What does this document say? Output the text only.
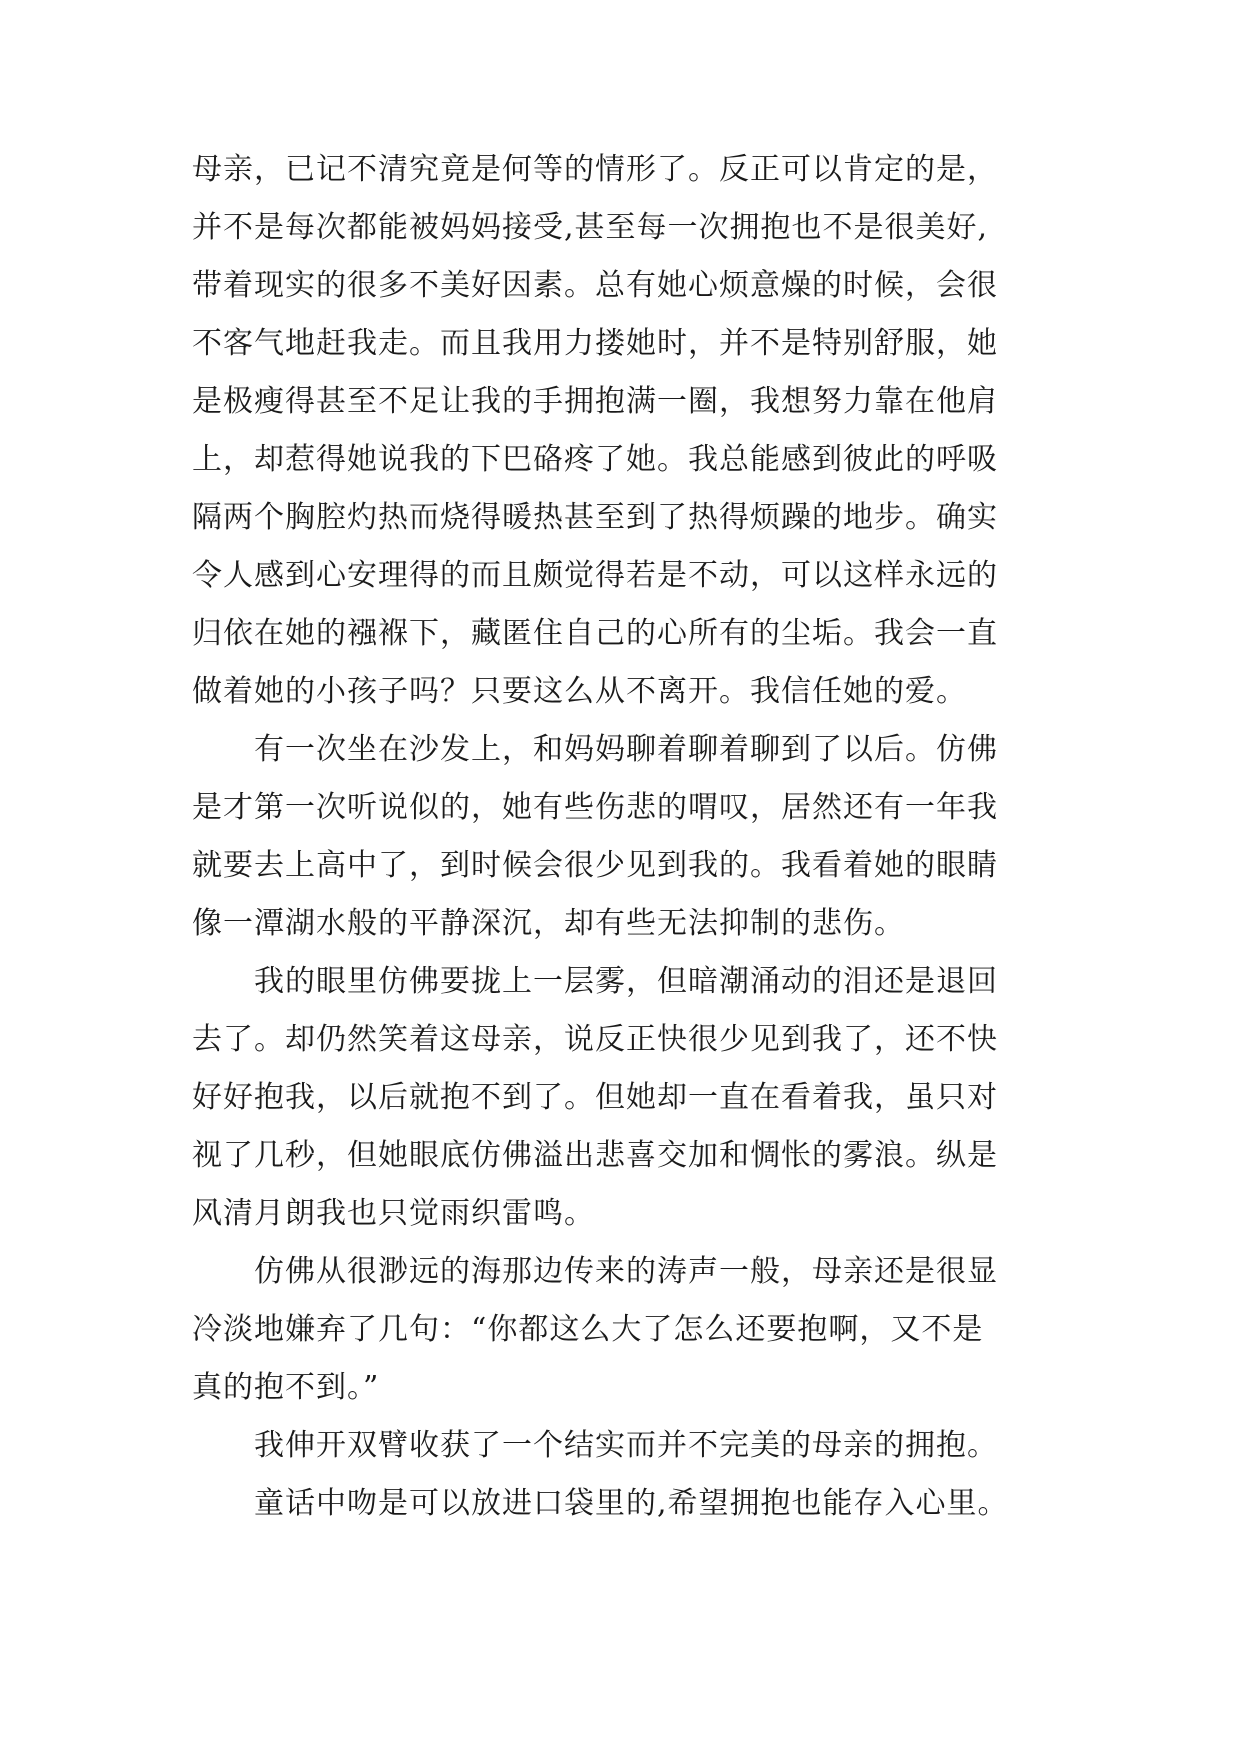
母亲，已记不清究竟是何等的情形了。反正可以肯定的是，
并不是每次都能被妈妈接受,甚至每一次拥抱也不是很美好,
带着现实的很多不美好因素。总有她心烦意燥的时候，会很
不客气地赶我走。而且我用力搂她时，并不是特别舒服，她
是极瘦得甚至不足让我的手拥抱满一圈，我想努力靠在他肩
上，却惹得她说我的下巴硌疼了她。我总能感到彼此的呼吸
隔两个胸腔灼热而烧得暖热甚至到了热得烦躁的地步。确实
令人感到心安理得的而且颇觉得若是不动，可以这样永远的
归依在她的襁褓下，藏匿住自己的心所有的尘垢。我会一直
做着她的小孩子吗？只要这么从不离开。我信任她的爱。
有一次坐在沙发上，和妈妈聊着聊着聊到了以后。仿佛
是才第一次听说似的，她有些伤悲的喟叹，居然还有一年我
就要去上高中了，到时候会很少见到我的。我看着她的眼睛
像一潭湖水般的平静深沉，却有些无法抑制的悲伤。
我的眼里仿佛要拢上一层雾，但暗潮涌动的泪还是退回
去了。却仍然笑着这母亲，说反正快很少见到我了，还不快
好好抱我，以后就抱不到了。但她却一直在看着我，虽只对
视了几秒，但她眼底仿佛溢出悲喜交加和惆怅的雾浪。纵是
风清月朗我也只觉雨织雷鸣。
仿佛从很渺远的海那边传来的涛声一般，母亲还是很显
冷淡地嫌弃了几句：“你都这么大了怎么还要抱啊，又不是
真的抱不到。”
我伸开双臂收获了一个结实而并不完美的母亲的拥抱。
童话中吻是可以放进口袋里的,希望拥抱也能存入心里。
